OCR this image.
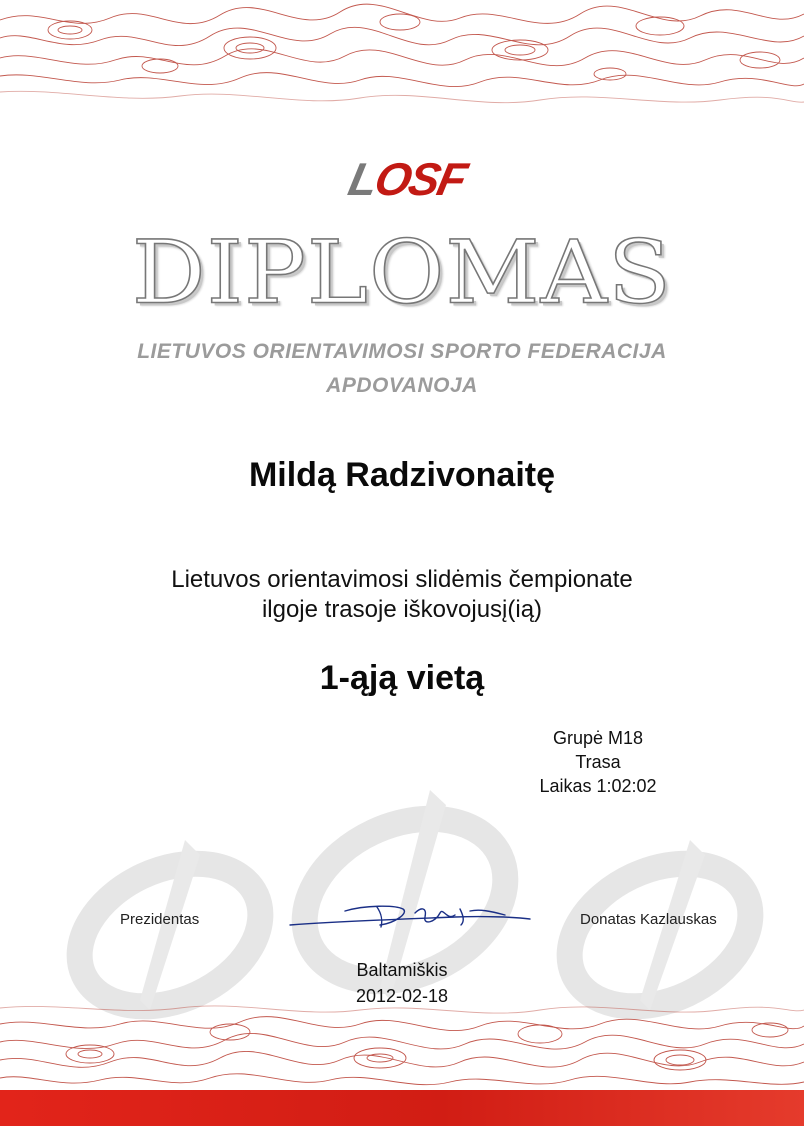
LOSF
DIPLOMAS
LIETUVOS ORIENTAVIMOSI SPORTO FEDERACIJA
APDOVANOJA
Mildą Radzivonaitę
Lietuvos orientavimosi slidėmis čempionate
ilgoje trasoje iškovojusį(ią)
1-ąją vietą
Grupė M18
Trasa
Laikas 1:02:02
Prezidentas	Donatas Kazlauskas
Baltamiškis
2012-02-18
